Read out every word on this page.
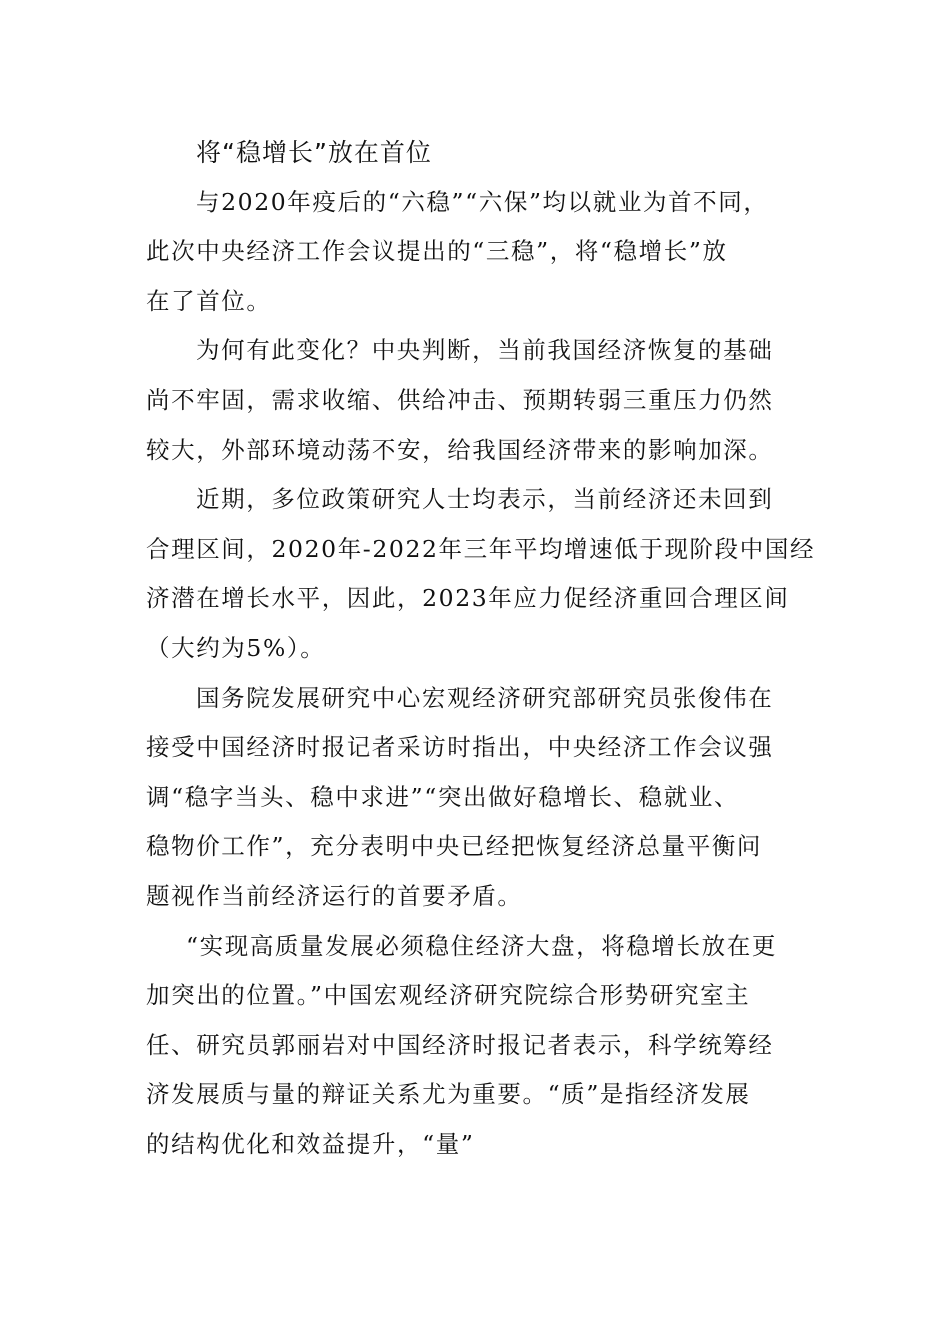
将“稳增长”放在首位

与2020年疫后的“六稳”“六保”均以就业为首不同，
此次中央经济工作会议提出的“三稳”，将“稳增长”放
在了首位。

为何有此变化？中央判断，当前我国经济恢复的基础
尚不牢固，需求收缩、供给冲击、预期转弱三重压力仍然
较大，外部环境动荡不安，给我国经济带来的影响加深。

近期，多位政策研究人士均表示，当前经济还未回到
合理区间，2020年-2022年三年平均增速低于现阶段中国经
济潜在增长水平，因此，2023年应力促经济重回合理区间
（大约为5%）。

国务院发展研究中心宏观经济研究部研究员张俊伟在
接受中国经济时报记者采访时指出，中央经济工作会议强
调“稳字当头、稳中求进”“突出做好稳增长、稳就业、
稳物价工作”，充分表明中央已经把恢复经济总量平衡问
题视作当前经济运行的首要矛盾。

“实现高质量发展必须稳住经济大盘，将稳增长放在更
加突出的位置。”中国宏观经济研究院综合形势研究室主
任、研究员郭丽岩对中国经济时报记者表示，科学统筹经
济发展质与量的辩证关系尤为重要。“质”是指经济发展
的结构优化和效益提升，“量”
